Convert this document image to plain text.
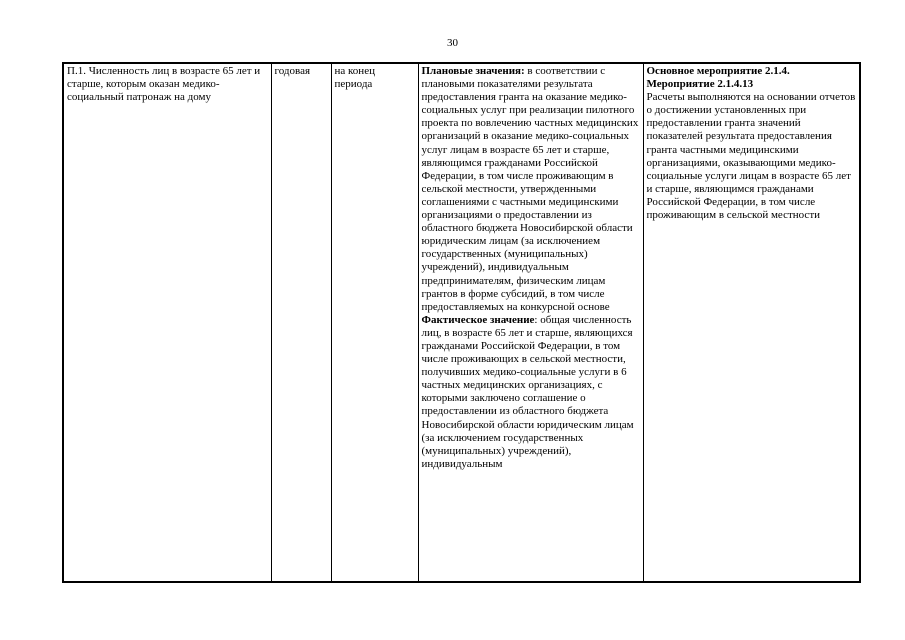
30
П.1. Численность лиц в возрасте 65 лет и старше, которым оказан медико-социальный патронаж на дому	годовая	на конец периода	Плановые значения: в соответствии с плановыми показателями результата предоставления гранта на оказание медико-социальных услуг при реализации пилотного проекта по вовлечению частных медицинских организаций в оказание медико-социальных услуг лицам в возрасте 65 лет и старше, являющимся гражданами Российской Федерации, в том числе проживающим в сельской местности, утвержденными соглашениями с частными медицинскими организациями о предоставлении из областного бюджета Новосибирской области юридическим лицам (за исключением государственных (муниципальных) учреждений), индивидуальным предпринимателям, физическим лицам грантов в форме субсидий, в том числе предоставляемых на конкурсной основе
Фактическое значение: общая численность лиц, в возрасте 65 лет и старше, являющихся гражданами Российской Федерации, в том числе проживающих в сельской местности, получивших медико-социальные услуги в 6 частных медицинских организациях, с которыми заключено соглашение о предоставлении из областного бюджета Новосибирской области юридическим лицам (за исключением государственных (муниципальных) учреждений), индивидуальным	Основное мероприятие 2.1.4.
Мероприятие 2.1.4.13
Расчеты выполняются на основании отчетов о достижении установленных при предоставлении гранта значений показателей результата предоставления гранта частными медицинскими организациями, оказывающими медико-социальные услуги лицам в возрасте 65 лет и старше, являющимся гражданами Российской Федерации, в том числе проживающим в сельской местности
